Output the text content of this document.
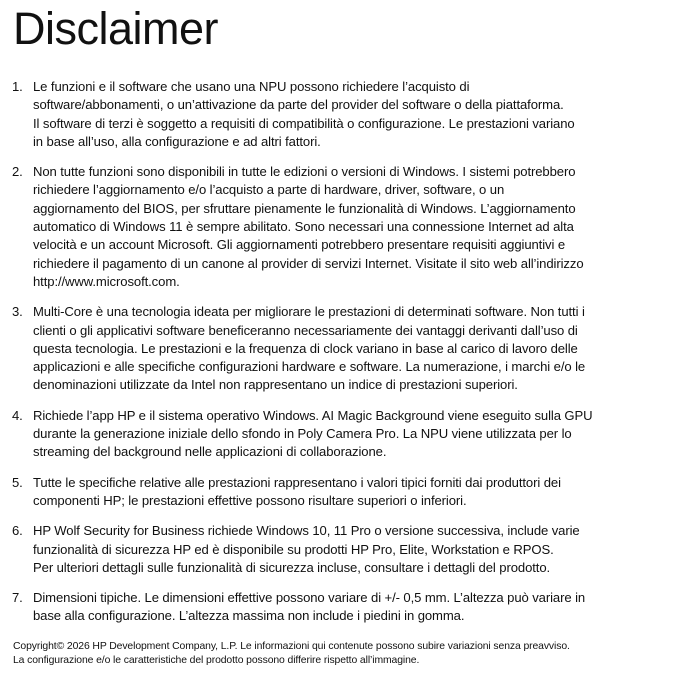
Disclaimer
1. Le funzioni e il software che usano una NPU possono richiedere l’acquisto di
software/abbonamenti, o un’attivazione da parte del provider del software o della piattaforma.
Il software di terzi è soggetto a requisiti di compatibilità o configurazione. Le prestazioni variano
in base all’uso, alla configurazione e ad altri fattori.
2. Non tutte funzioni sono disponibili in tutte le edizioni o versioni di Windows. I sistemi potrebbero
richiedere l’aggiornamento e/o l’acquisto a parte di hardware, driver, software, o un
aggiornamento del BIOS, per sfruttare pienamente le funzionalità di Windows. L’aggiornamento
automatico di Windows 11 è sempre abilitato. Sono necessari una connessione Internet ad alta
velocità e un account Microsoft. Gli aggiornamenti potrebbero presentare requisiti aggiuntivi e
richiedere il pagamento di un canone al provider di servizi Internet. Visitate il sito web all’indirizzo
http://www.microsoft.com.
3. Multi-Core è una tecnologia ideata per migliorare le prestazioni di determinati software. Non tutti i
clienti o gli applicativi software beneficeranno necessariamente dei vantaggi derivanti dall’uso di
questa tecnologia. Le prestazioni e la frequenza di clock variano in base al carico di lavoro delle
applicazioni e alle specifiche configurazioni hardware e software. La numerazione, i marchi e/o le
denominazioni utilizzate da Intel non rappresentano un indice di prestazioni superiori.
4. Richiede l’app HP e il sistema operativo Windows. AI Magic Background viene eseguito sulla GPU
durante la generazione iniziale dello sfondo in Poly Camera Pro. La NPU viene utilizzata per lo
streaming del background nelle applicazioni di collaborazione.
5. Tutte le specifiche relative alle prestazioni rappresentano i valori tipici forniti dai produttori dei
componenti HP; le prestazioni effettive possono risultare superiori o inferiori.
6. HP Wolf Security for Business richiede Windows 10, 11 Pro o versione successiva, include varie
funzionalità di sicurezza HP ed è disponibile su prodotti HP Pro, Elite, Workstation e RPOS.
Per ulteriori dettagli sulle funzionalità di sicurezza incluse, consultare i dettagli del prodotto.
7. Dimensioni tipiche. Le dimensioni effettive possono variare di +/- 0,5 mm. L’altezza può variare in
base alla configurazione. L’altezza massima non include i piedini in gomma.
Copyright© 2026 HP Development Company, L.P. Le informazioni qui contenute possono subire variazioni senza preavviso.
La configurazione e/o le caratteristiche del prodotto possono differire rispetto all’immagine.
